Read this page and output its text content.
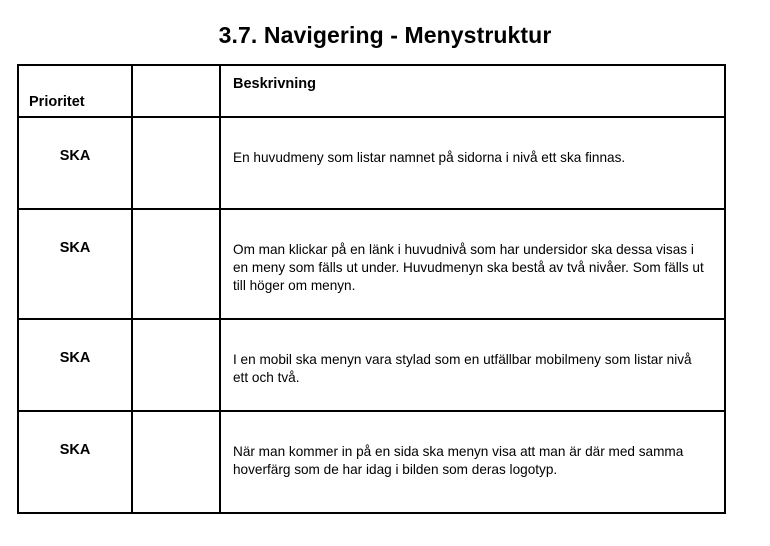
3.7. Navigering - Menystruktur
Prioritet		Beskrivning

SKA		En huvudmeny som listar namnet på sidorna i nivå ett ska finnas.

SKA		Om man klickar på en länk i huvudnivå som har undersidor ska dessa visas i en meny som fälls ut under. Huvudmenyn ska bestå av två nivåer. Som fälls ut till höger om menyn.

SKA		I en mobil ska menyn vara stylad som en utfällbar mobilmeny som listar nivå ett och två.

SKA		När man kommer in på en sida ska menyn visa att man är där med samma hoverfärg som de har idag i bilden som deras logotyp.
